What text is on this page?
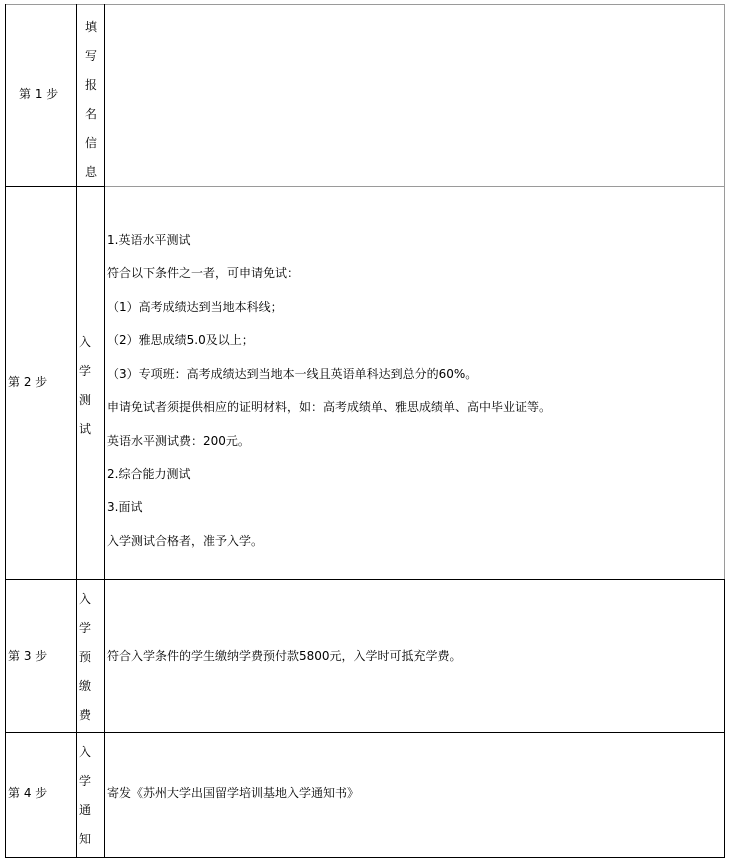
第 1 步
填
写
报
名
信
息
第 2 步
入
学
测
试
1.英语水平测试
符合以下条件之一者，可申请免试：
（1）高考成绩达到当地本科线；
（2）雅思成绩5.0及以上；
（3）专项班：高考成绩达到当地本一线且英语单科达到总分的60%。
申请免试者须提供相应的证明材料，如：高考成绩单、雅思成绩单、高中毕业证等。
英语水平测试费：200元。
2.综合能力测试
3.面试
入学测试合格者，准予入学。
第 3 步
入
学
预
缴
费
符合入学条件的学生缴纳学费预付款5800元，入学时可抵充学费。
第 4 步
入
学
通
知
寄发《苏州大学出国留学培训基地入学通知书》
